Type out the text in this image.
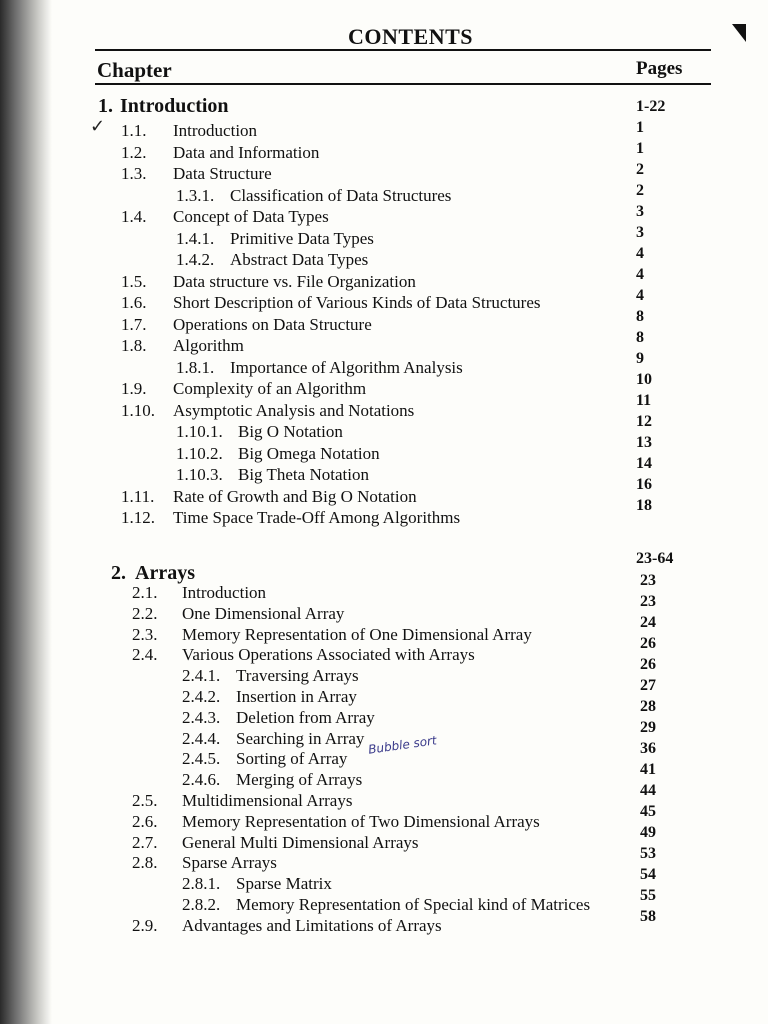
CONTENTS
Chapter	Pages
1. Introduction	1-22
✓ 1.1. Introduction
1.2. Data and Information
1.3. Data Structure
1.3.1. Classification of Data Structures
1.4. Concept of Data Types
1.4.1. Primitive Data Types
1.4.2. Abstract Data Types
1.5. Data structure vs. File Organization
1.6. Short Description of Various Kinds of Data Structures
1.7. Operations on Data Structure
1.8. Algorithm
1.8.1. Importance of Algorithm Analysis
1.9. Complexity of an Algorithm
1.10. Asymptotic Analysis and Notations
1.10.1. Big O Notation
1.10.2. Big Omega Notation
1.10.3. Big Theta Notation
1.11. Rate of Growth and Big O Notation
1.12. Time Space Trade-Off Among Algorithms
1
1
2
2
3
3
4
4
4
8
8
9
10
11
12
13
14
16
18
2. Arrays
23-64
2.1. Introduction
2.2. One Dimensional Array
2.3. Memory Representation of One Dimensional Array
2.4. Various Operations Associated with Arrays
2.4.1. Traversing Arrays
2.4.2. Insertion in Array
2.4.3. Deletion from Array
2.4.4. Searching in Array
2.4.5. Sorting of Array
2.4.6. Merging of Arrays
2.5. Multidimensional Arrays
2.6. Memory Representation of Two Dimensional Arrays
2.7. General Multi Dimensional Arrays
2.8. Sparse Arrays
2.8.1. Sparse Matrix
2.8.2. Memory Representation of Special kind of Matrices
2.9. Advantages and Limitations of Arrays
23
23
24
26
26
27
28
29
36
41
44
45
49
53
54
55
58
Bubble sort
